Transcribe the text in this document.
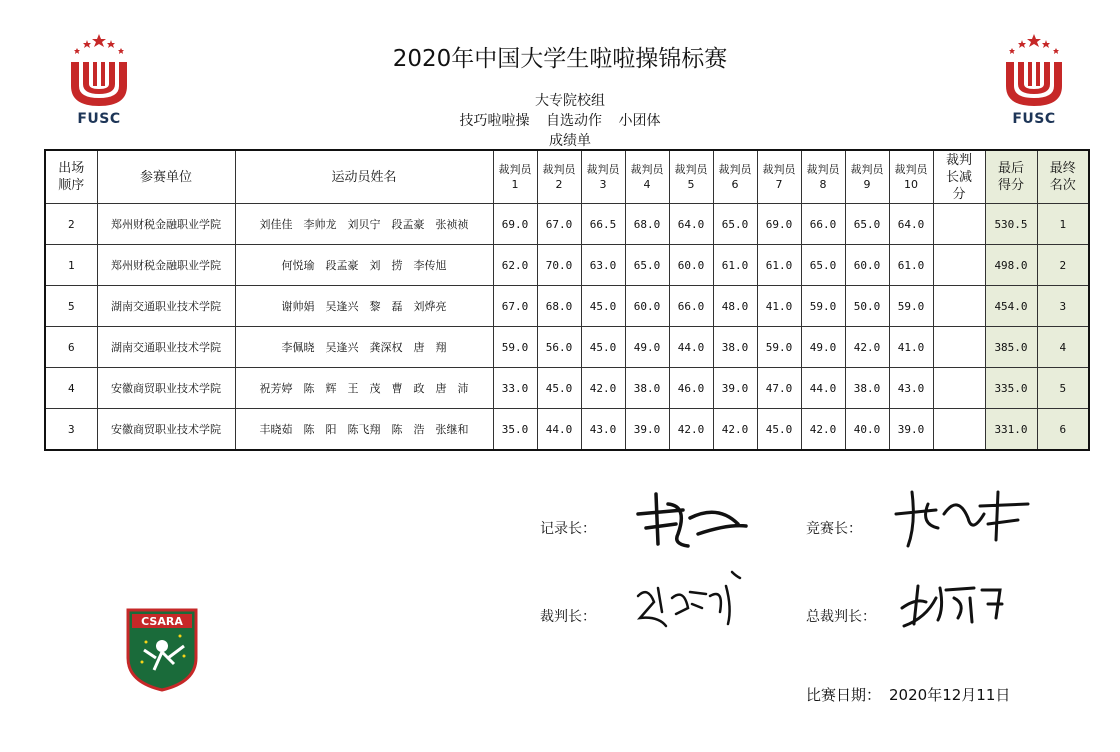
FUSC	FUSC
2020年中国大学生啦啦操锦标赛
大专院校组
技巧啦啦操 自选动作 小团体
成绩单
出场顺序	参赛单位	运动员姓名	裁判员1	裁判员2	裁判员3	裁判员4	裁判员5	裁判员6	裁判员7	裁判员8	裁判员9	裁判员10	裁判长减分	最后得分	最终名次
2	郑州财税金融职业学院	刘佳佳　李帅龙　刘贝宁　段孟豪　张祯祯	69.0	67.0	66.5	68.0	64.0	65.0	69.0	66.0	65.0	64.0		530.5	1
1	郑州财税金融职业学院	何悦瑜　段孟豪　刘　捞　李传旭	62.0	70.0	63.0	65.0	60.0	61.0	61.0	65.0	60.0	61.0		498.0	2
5	湖南交通职业技术学院	谢帅娟　吴逢兴　黎　磊　刘烨亮	67.0	68.0	45.0	60.0	66.0	48.0	41.0	59.0	50.0	59.0		454.0	3
6	湖南交通职业技术学院	李佩晓　吴逢兴　龚深权　唐　翔	59.0	56.0	45.0	49.0	44.0	38.0	59.0	49.0	42.0	41.0		385.0	4
4	安徽商贸职业技术学院	祝芳婷　陈　辉　王　茂　曹　政　唐　沛	33.0	45.0	42.0	38.0	46.0	39.0	47.0	44.0	38.0	43.0		335.0	5
3	安徽商贸职业技术学院	丰晓茹　陈　阳　陈飞翔　陈　浩　张继和	35.0	44.0	43.0	39.0	42.0	42.0	45.0	42.0	40.0	39.0		331.0	6
记录长：	竞赛长：
裁判长：	总裁判长：
CSARA
比赛日期： 2020年12月11日
